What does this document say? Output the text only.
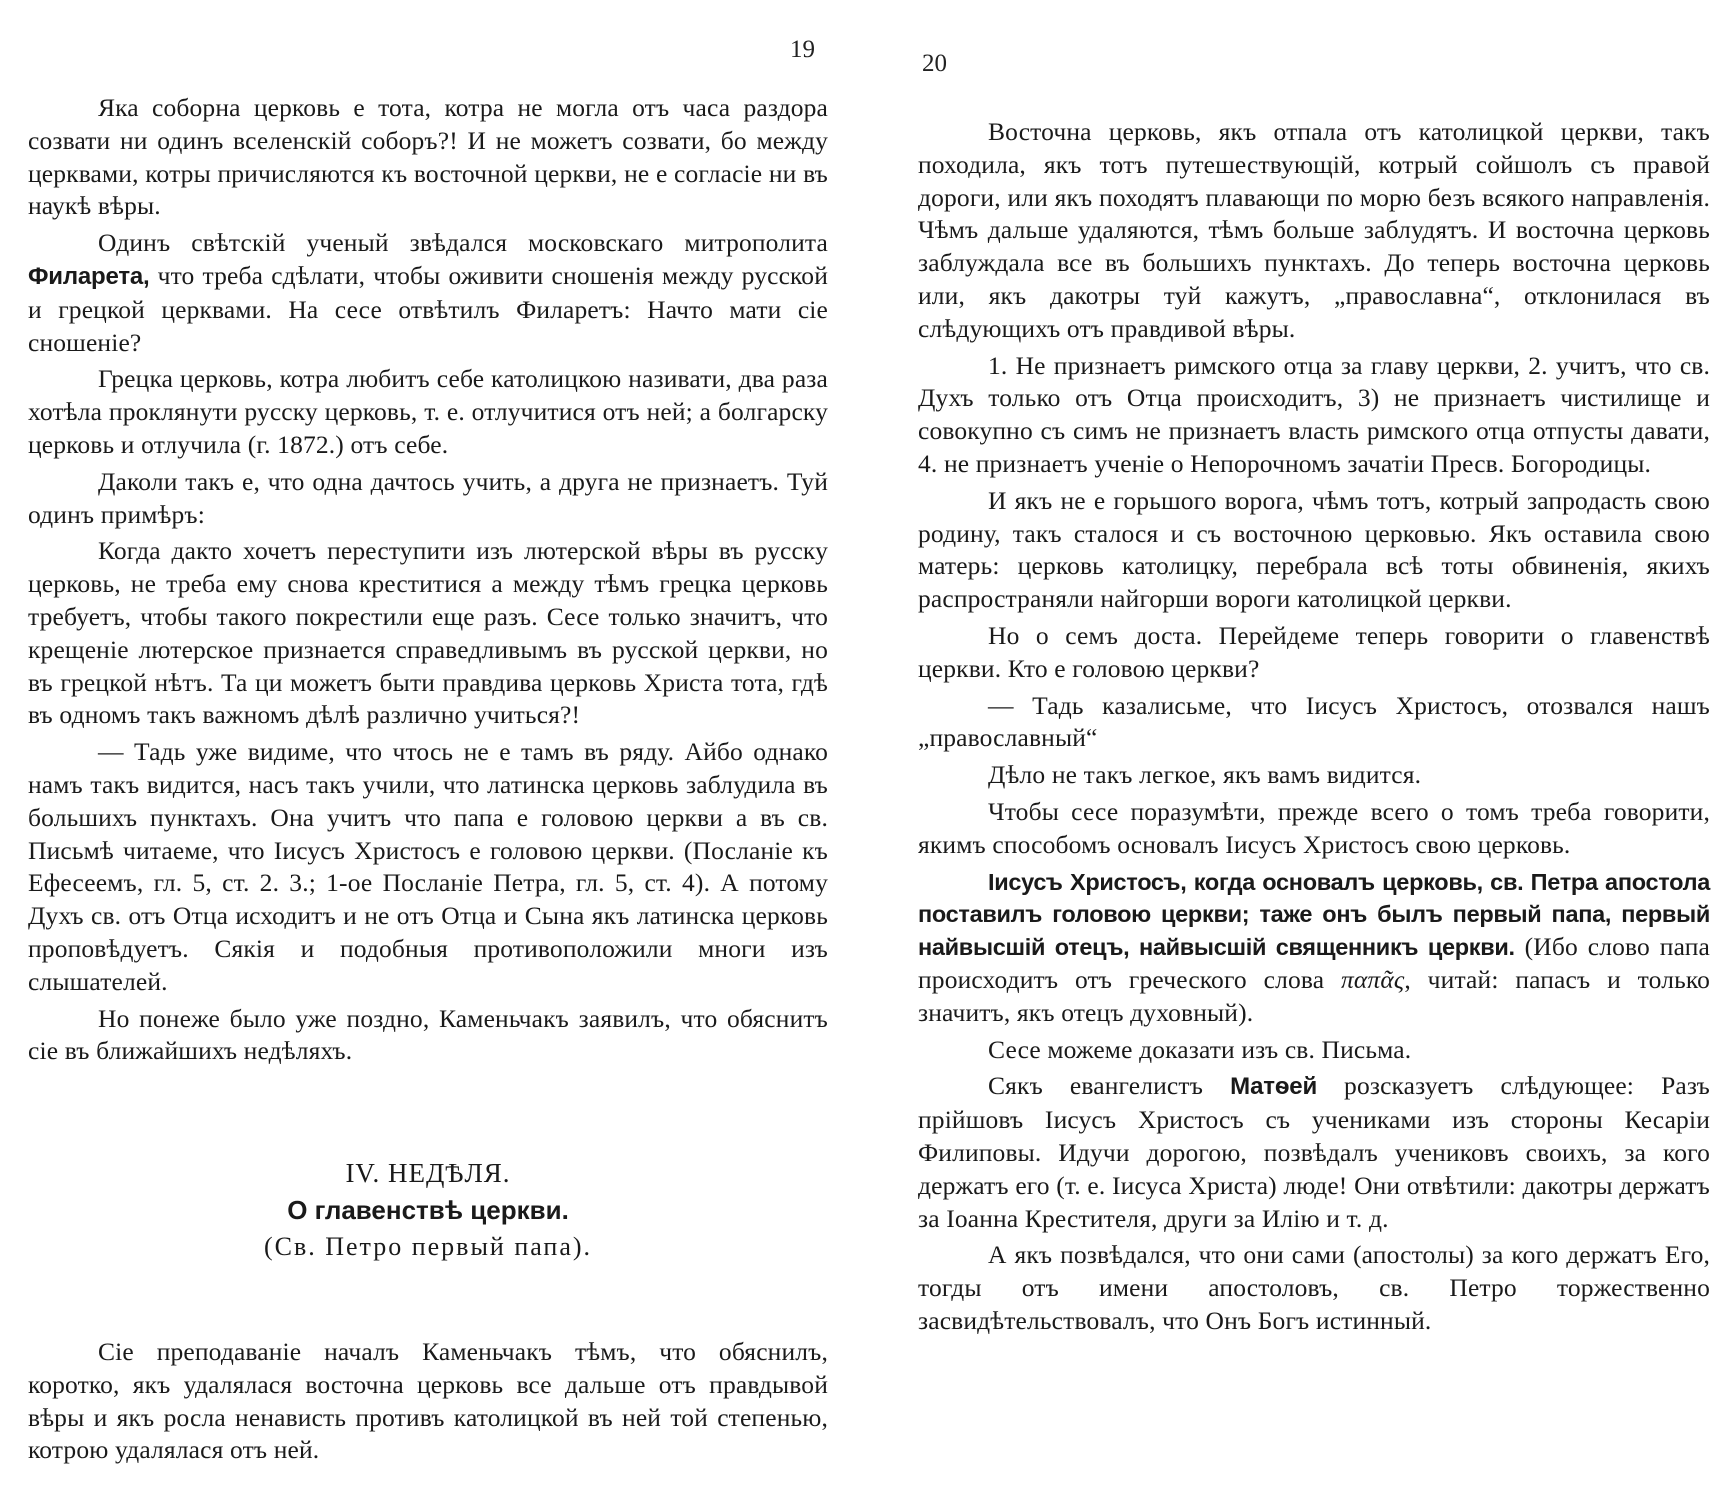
19

Яка соборна церковь е тота, котра не могла отъ часа раздора созвати ни одинъ вселенскій соборъ?! И не можетъ созвати, бо между церквами, котры причисляются къ восточной церкви, не е согласіе ни въ наукѣ вѣры.

Одинъ свѣтскій ученый звѣдался московскаго митрополита Филарета, что треба сдѣлати, чтобы оживити сношенія между русской и грецкой церквами. На сесе отвѣтилъ Филаретъ: Начто мати сіе сношеніе?

Грецка церковь, котра любитъ себе католицкою називати, два раза хотѣла проклянути русску церковь, т. е. отлучитися отъ ней; а болгарску церковь и отлучила (г. 1872.) отъ себе.

Даколи такъ е, что одна дачтось учить, а друга не признаетъ. Туй одинъ примѣръ:

Когда дакто хочетъ переступити изъ лютерской вѣры въ русску церковь, не треба ему снова креститися а между тѣмъ грецка церковь требуетъ, чтобы такого покрестили еще разъ. Сесе только значитъ, что крещеніе лютерское признается справедливымъ въ русской церкви, но въ грецкой нѣтъ. Та ци можетъ быти правдива церковь Христа тота, гдѣ въ одномъ такъ важномъ дѣлѣ различно учиться?!

— Тадь уже видиме, что чтось не е тамъ въ ряду. Айбо однако намъ такъ видится, насъ такъ учили, что латинска церковь заблудила въ большихъ пунктахъ. Она учитъ что папа е головою церкви а въ св. Письмѣ читаеме, что Іисусъ Христосъ е головою церкви. (Посланіе къ Ефесеемъ, гл. 5, ст. 2. 3.; 1-ое Посланіе Петра, гл. 5, ст. 4). А потому Духъ св. отъ Отца исходитъ и не отъ Отца и Сына якъ латинска церковь проповѣдуетъ. Сякія и подобныя противоположили многи изъ слышателей.

Но понеже было уже поздно, Каменьчакъ заявилъ, что обяснитъ сіе въ ближайшихъ недѣляхъ.

IV. НЕДѢЛЯ.

О главенствѣ церкви.

(Св. Петро первый папа).

Сіе преподаваніе началъ Каменьчакъ тѣмъ, что обяснилъ, коротко, якъ удалялася восточна церковь все дальше отъ правдывой вѣры и якъ росла ненависть противъ католицкой въ ней той степенью, котрою удалялася отъ ней.

20

Восточна церковь, якъ отпала отъ католицкой церкви, такъ походила, якъ тотъ путешествующій, котрый сойшолъ съ правой дороги, или якъ походятъ плавающи по морю безъ всякого направленія. Чѣмъ дальше удаляются, тѣмъ больше заблудятъ. И восточна церковь заблуждала все въ большихъ пунктахъ. До теперь восточна церковь или, якъ дакотры туй кажутъ, „православна“, отклонилася въ слѣдующихъ отъ правдивой вѣры.

1. Не признаетъ римского отца за главу церкви, 2. учитъ, что св. Духъ только отъ Отца происходитъ, 3) не признаетъ чистилище и совокупно съ симъ не признаетъ власть римского отца отпусты давати, 4. не признаетъ ученіе о Непорочномъ зачатіи Пресв. Богородицы.

И якъ не е горьшого ворога, чѣмъ тотъ, котрый запродасть свою родину, такъ сталося и съ восточною церковью. Якъ оставила свою матерь: церковь католицку, перебрала всѣ тоты обвиненія, якихъ распространяли найгорши вороги католицкой церкви.

Но о семъ доста. Перейдеме теперь говорити о главенствѣ церкви. Кто е головою церкви?

— Тадь казалисьме, что Іисусъ Христосъ, отозвался нашъ „православный“

Дѣло не такъ легкое, якъ вамъ видится.

Чтобы сесе поразумѣти, прежде всего о томъ треба говорити, якимъ способомъ основалъ Іисусъ Христосъ свою церковь.

Іисусъ Христосъ, когда основалъ церковь, св. Петра апостола поставилъ головою церкви; таже онъ былъ первый папа, первый найвысшій отецъ, найвысшій священникъ церкви. (Ибо слово папа происходитъ отъ греческого слова παπᾶς, читай: папасъ и только значитъ, якъ отецъ духовный).

Сесе можеме доказати изъ св. Письма.

Сякъ евангелистъ Матѳей розсказуетъ слѣдующее: Разъ прійшовъ Іисусъ Христосъ съ учениками изъ стороны Кесаріи Филиповы. Идучи дорогою, позвѣдалъ учениковъ своихъ, за кого держатъ его (т. е. Іисуса Христа) люде! Они отвѣтили: дакотры держатъ за Іоанна Крестителя, други за Илію и т. д.

А якъ позвѣдался, что они сами (апостолы) за кого держатъ Его, тогды отъ имени апостоловъ, св. Петро торжественно засвидѣтельствовалъ, что Онъ Богъ истинный.
